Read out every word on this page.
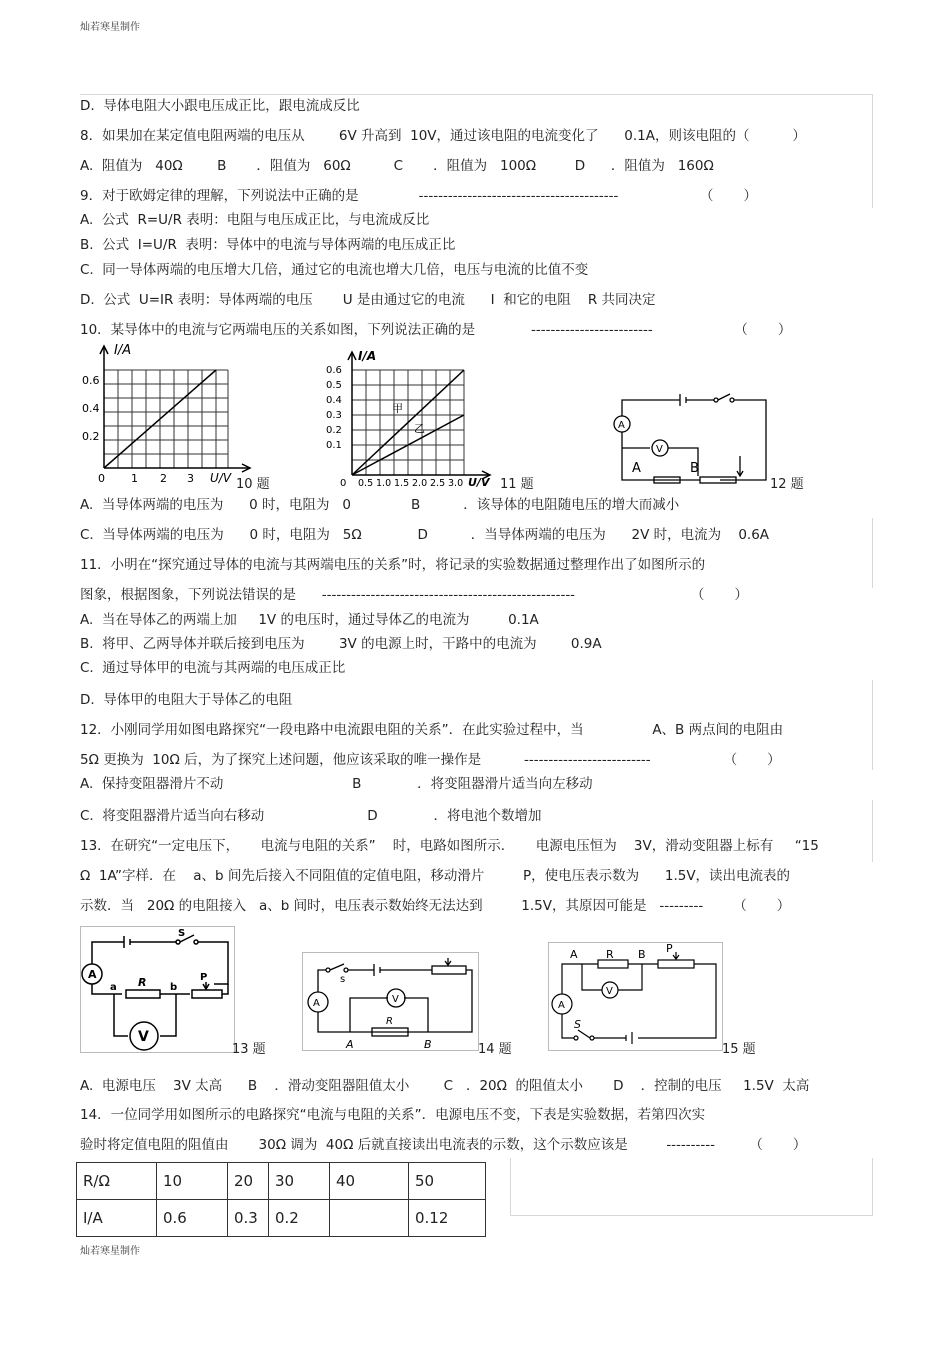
灿若寒星制作
D.  导体电阻大小跟电压成正比，跟电流成反比
8．如果加在某定值电阻两端的电压从        6V 升高到  10V，通过该电阻的电流变化了      0.1A，则该电阻的（          ）
A.  阻值为   40Ω        B       ．阻值为   60Ω          C       ．阻值为   100Ω         D      ．阻值为   160Ω
9．对于欧姆定律的理解，下列说法中正确的是              -----------------------------------------                   （       ）
A.  公式  R=U/R 表明：电阻与电压成正比，与电流成反比
B.  公式  I=U/R  表明：导体中的电流与导体两端的电压成正比
C.  同一导体两端的电压增大几倍，通过它的电流也增大几倍，电压与电流的比值不变
D.  公式  U=IR 表明：导体两端的电压       U 是由通过它的电流      I  和它的电阻    R 共同决定
10．某导体中的电流与它两端电压的关系如图，下列说法正确的是             -------------------------                   （       ）
A.  当导体两端的电压为      0 时，电阻为   0              B          ．该导体的电阻随电压的增大而减小
C.  当导体两端的电压为      0 时，电阻为   5Ω             D          ．当导体两端的电压为      2V 时，电流为    0.6A
11．小明在“探究通过导体的电流与其两端电压的关系”时，将记录的实验数据通过整理作出了如图所示的
图象，根据图象，下列说法错误的是      ----------------------------------------------------                           （       ）
A.  当在导体乙的两端上加     1V 的电压时，通过导体乙的电流为         0.1A
B.  将甲、乙两导体并联后接到电压为        3V 的电源上时，干路中的电流为        0.9A
C.  通过导体甲的电流与其两端的电压成正比
D.  导体甲的电阻大于导体乙的电阻
12．小刚同学用如图电路探究“一段电路中电流跟电阻的关系”．在此实验过程中，当                A、B 两点间的电阻由
5Ω 更换为  10Ω 后，为了探究上述问题，他应该采取的唯一操作是          --------------------------                 （       ）
A.  保持变阻器滑片不动                              B             ．将变阻器滑片适当向左移动
C.  将变阻器滑片适当向右移动                        D             ．将电池个数增加
13．在研究“一定电压下，     电流与电阻的关系”    时，电路如图所示．     电源电压恒为    3V，滑动变阻器上标有     “15
Ω  1A”字样．在    a、b 间先后接入不同阻值的定值电阻，移动滑片         P，使电压表示数为      1.5V，读出电流表的
示数．当   20Ω 的电阻接入   a、b 间时，电压表示数始终无法达到         1.5V，其原因可能是   ---------       （       ）
A.  电源电压    3V 太高      B    ．滑动变阻器阻值太小        C   ．20Ω  的阻值太小       D    ．控制的电压     1.5V  太高
14．一位同学用如图所示的电路探究“电流与电阻的关系”．电源电压不变，下表是实验数据，若第四次实
验时将定值电阻的阻值由       30Ω 调为  40Ω 后就直接读出电流表的示数，这个示数应该是         ----------        （       ）
I/A
0.6
0.4
0.2
0 1 2 3 U/V 10 题
I/A
0.6
0.5
0.4
0.3
0.2
0.1
0 0.5 1.0 1.5 2.0 2.5 3.0 U/V
甲
乙
11 题
A
V
A	B
12 题
A
V
a	b
R	P
S
13 题
s
A	V
R
A	B	14 题
A	R B P
A
V
S
15 题
R/Ω	10	20	30	40	50
I/A	0.6	0.3	0.2		0.12
灿若寒星制作
